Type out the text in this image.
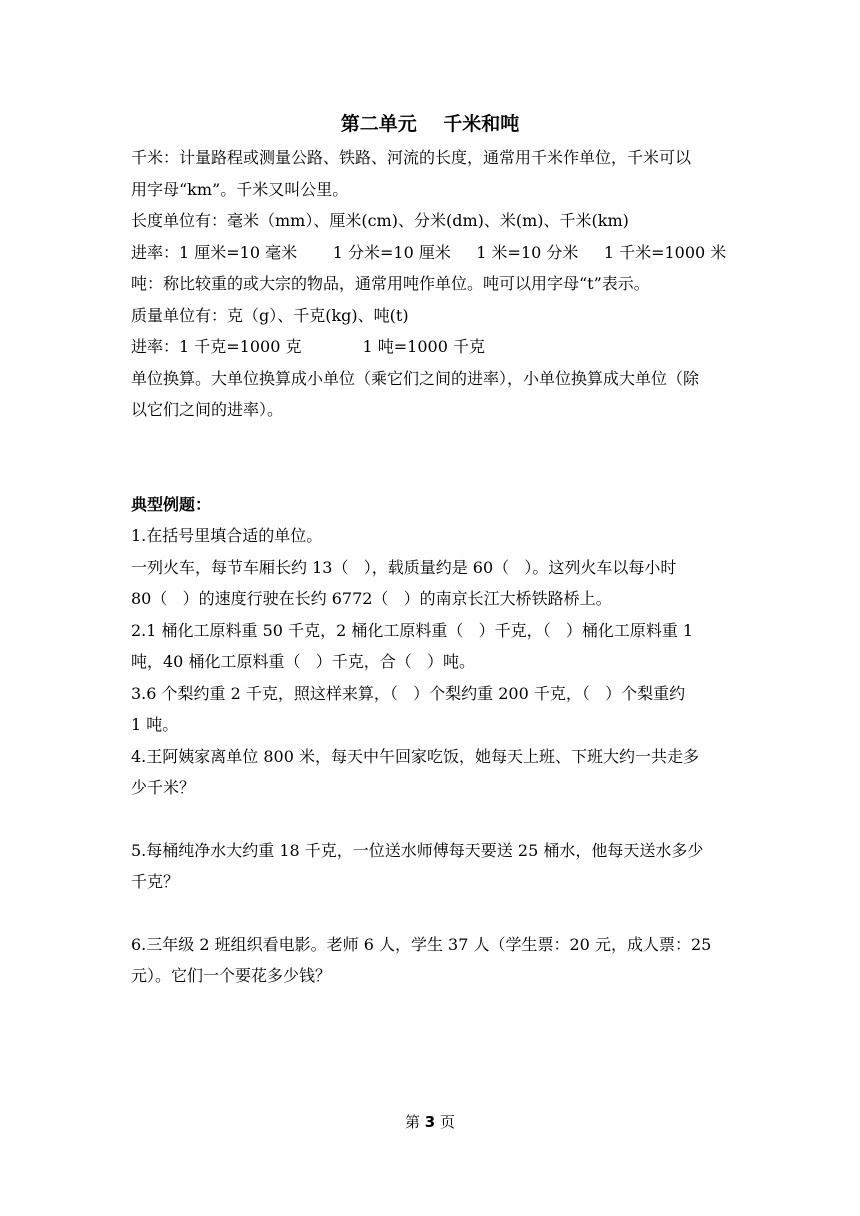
第二单元    千米和吨

千米：计量路程或测量公路、铁路、河流的长度，通常用千米作单位，千米可以

用字母“km”。千米又叫公里。

长度单位有：毫米（mm）、厘米(cm)、分米(dm)、米(m)、千米(km)

进率：1 厘米=10 毫米       1 分米=10 厘米     1 米=10 分米     1 千米=1000 米

吨：称比较重的或大宗的物品，通常用吨作单位。吨可以用字母“t”表示。

质量单位有：克（g）、千克(kg)、吨(t)

进率：1 千克=1000 克            1 吨=1000 千克

单位换算。大单位换算成小单位（乘它们之间的进率），小单位换算成大单位（除

以它们之间的进率）。

典型例题：

1.在括号里填合适的单位。

一列火车，每节车厢长约 13（   ），载质量约是 60（   ）。这列火车以每小时

80（   ）的速度行驶在长约 6772（   ）的南京长江大桥铁路桥上。

2.1 桶化工原料重 50 千克，2 桶化工原料重（   ）千克，（   ）桶化工原料重 1

吨，40 桶化工原料重（   ）千克，合（   ）吨。

3.6 个梨约重 2 千克，照这样来算，（   ）个梨约重 200 千克，（   ）个梨重约

1 吨。

4.王阿姨家离单位 800 米，每天中午回家吃饭，她每天上班、下班大约一共走多

少千米？

5.每桶纯净水大约重 18 千克，一位送水师傅每天要送 25 桶水，他每天送水多少

千克？

6.三年级 2 班组织看电影。老师 6 人，学生 37 人（学生票：20 元，成人票：25

元）。它们一个要花多少钱？

第 3 页
